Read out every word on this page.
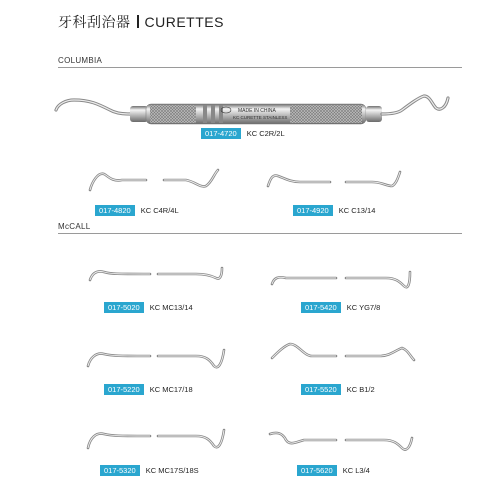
牙科刮治器 CURETTES
COLUMBIA
MADE IN CHINA
KC CURETTE STAINLESS
017-4720	KC C2R/2L
017-4820	KC C4R/4L	017-4920	KC C13/14
McCALL
017-5020	KC MC13/14	017-5420	KC YG7/8
017-5220	KC MC17/18	017-5520	KC B1/2
017-5320	KC MC17S/18S	017-5620	KC L3/4
